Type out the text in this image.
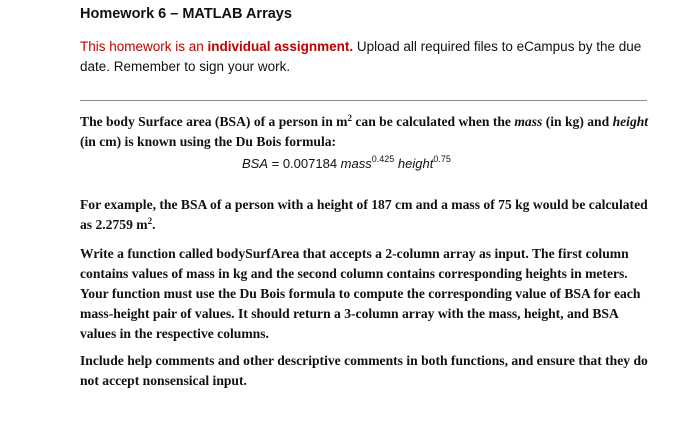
Homework 6 – MATLAB Arrays
This homework is an individual assignment. Upload all required files to eCampus by the due date. Remember to sign your work.
The body Surface area (BSA) of a person in $m^2$ can be calculated when the mass (in kg) and height (in cm) is known using the Du Bois formula:
BSA = 0.007184 mass$^{0.425}$ height$^{0.75}$
For example, the BSA of a person with a height of 187 cm and a mass of 75 kg would be calculated as 2.2759 $m^2$.
Write a function called bodySurfArea that accepts a 2-column array as input. The first column contains values of mass in kg and the second column contains corresponding heights in meters. Your function must use the Du Bois formula to compute the corresponding value of BSA for each mass-height pair of values. It should return a 3-column array with the mass, height, and BSA values in the respective columns.
Include help comments and other descriptive comments in both functions, and ensure that they do not accept nonsensical input.
